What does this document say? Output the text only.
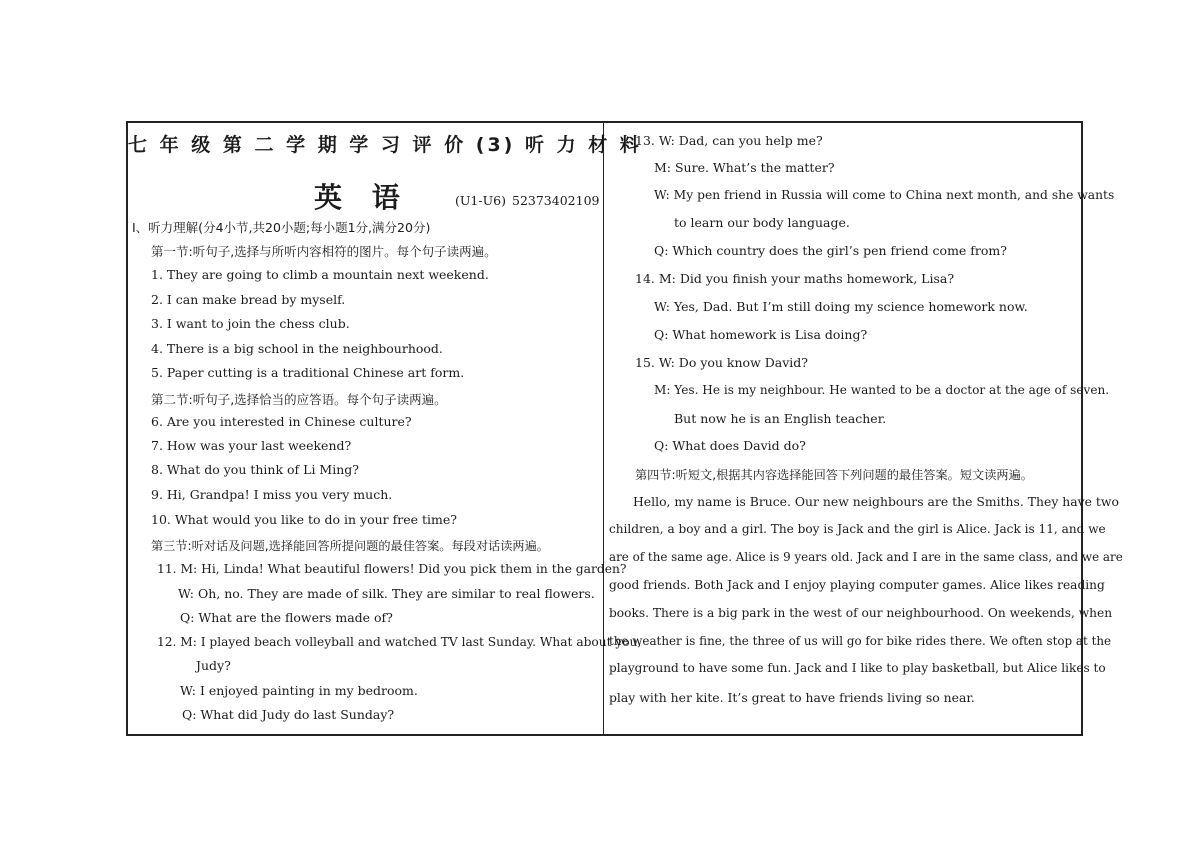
七 年 级 第 二 学 期 学 习 评 价 (3) 听 力 材 料
英 语	(U1-U6) 52373402109
Ⅰ、听力理解(分4小节,共20小题;每小题1分,满分20分)
第一节:听句子,选择与所听内容相符的图片。每个句子读两遍。
1. They are going to climb a mountain next weekend.
2. I can make bread by myself.
3. I want to join the chess club.
4. There is a big school in the neighbourhood.
5. Paper cutting is a traditional Chinese art form.
第二节:听句子,选择恰当的应答语。每个句子读两遍。
6. Are you interested in Chinese culture?
7. How was your last weekend?
8. What do you think of Li Ming?
9. Hi, Grandpa! I miss you very much.
10. What would you like to do in your free time?
第三节:听对话及问题,选择能回答所提问题的最佳答案。每段对话读两遍。
11. M: Hi, Linda! What beautiful flowers! Did you pick them in the garden?
W: Oh, no. They are made of silk. They are similar to real flowers.
Q: What are the flowers made of?
12. M: I played beach volleyball and watched TV last Sunday. What about you,
Judy?
W: I enjoyed painting in my bedroom.
Q: What did Judy do last Sunday?
13. W: Dad, can you help me?
M: Sure. What’s the matter?
W: My pen friend in Russia will come to China next month, and she wants
to learn our body language.
Q: Which country does the girl’s pen friend come from?
14. M: Did you finish your maths homework, Lisa?
W: Yes, Dad. But I’m still doing my science homework now.
Q: What homework is Lisa doing?
15. W: Do you know David?
M: Yes. He is my neighbour. He wanted to be a doctor at the age of seven.
But now he is an English teacher.
Q: What does David do?
第四节:听短文,根据其内容选择能回答下列问题的最佳答案。短文读两遍。
Hello, my name is Bruce. Our new neighbours are the Smiths. They have two
children, a boy and a girl. The boy is Jack and the girl is Alice. Jack is 11, and we
are of the same age. Alice is 9 years old. Jack and I are in the same class, and we are
good friends. Both Jack and I enjoy playing computer games. Alice likes reading
books. There is a big park in the west of our neighbourhood. On weekends, when
the weather is fine, the three of us will go for bike rides there. We often stop at the
playground to have some fun. Jack and I like to play basketball, but Alice likes to
play with her kite. It’s great to have friends living so near.
